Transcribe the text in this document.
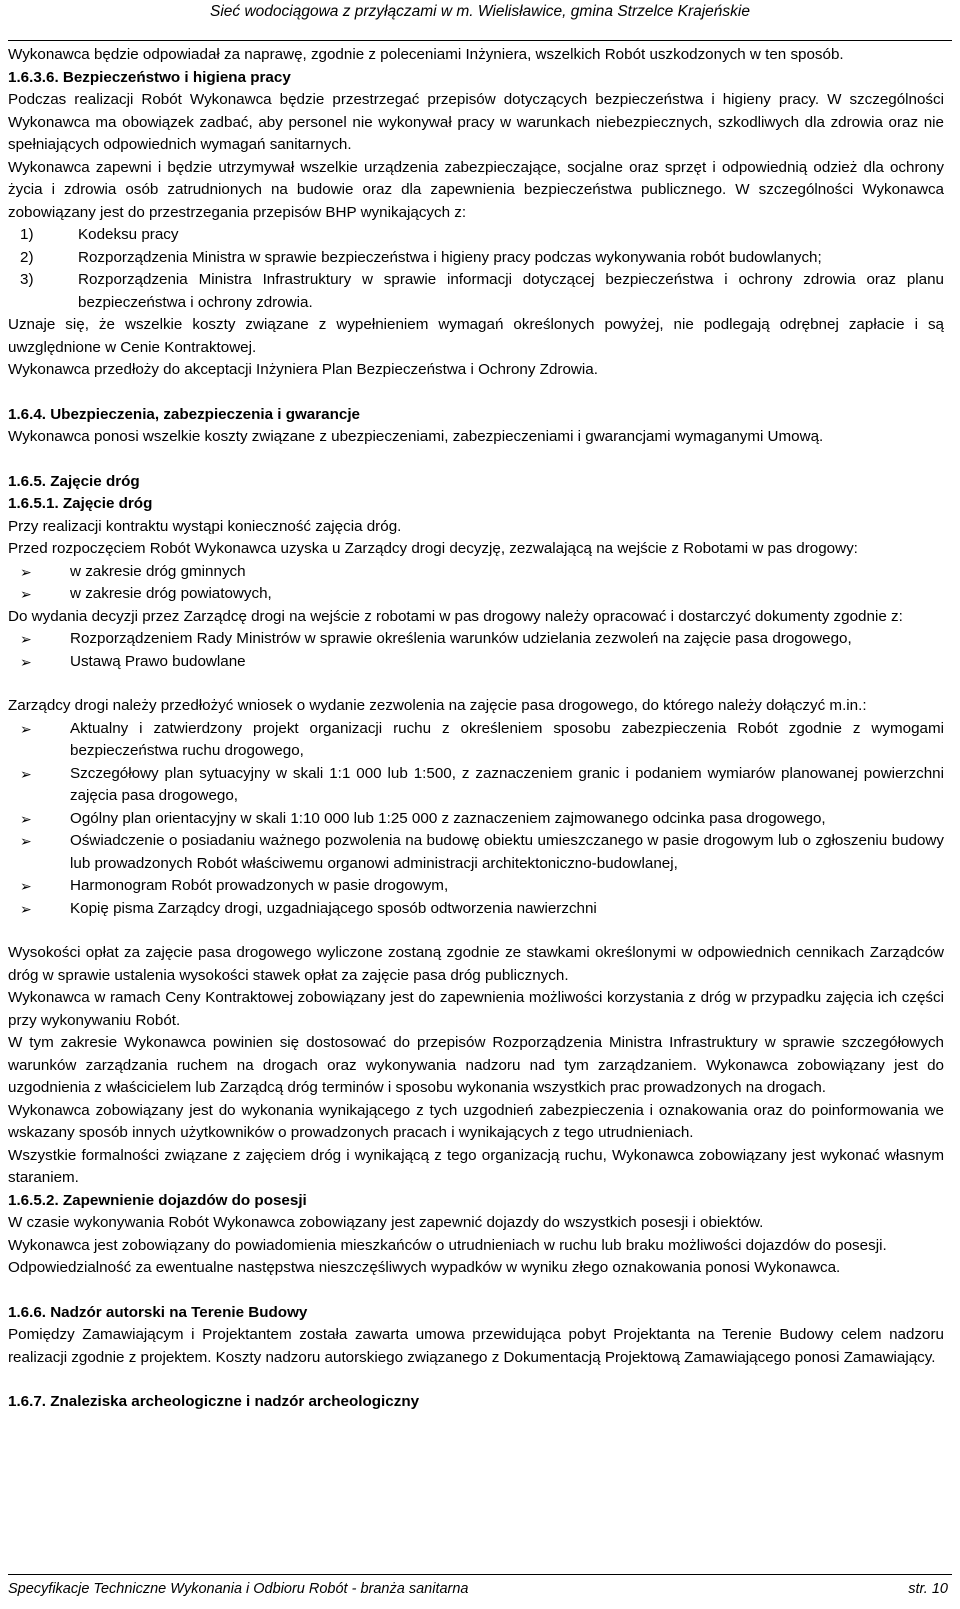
Sieć wodociągowa z przyłączami w m. Wielisławice, gmina Strzelce Krajeńskie

Wykonawca będzie odpowiadał za naprawę, zgodnie z poleceniami Inżyniera, wszelkich Robót uszkodzonych w ten sposób.

1.6.3.6. Bezpieczeństwo i higiena pracy

Podczas realizacji Robót Wykonawca będzie przestrzegać przepisów dotyczących bezpieczeństwa i higieny pracy. W szczególności Wykonawca ma obowiązek zadbać, aby personel nie wykonywał pracy w warunkach niebezpiecznych, szkodliwych dla zdrowia oraz nie spełniających odpowiednich wymagań sanitarnych.

Wykonawca zapewni i będzie utrzymywał wszelkie urządzenia zabezpieczające, socjalne oraz sprzęt i odpowiednią odzież dla ochrony życia i zdrowia osób zatrudnionych na budowie oraz dla zapewnienia bezpieczeństwa publicznego. W szczególności Wykonawca zobowiązany jest do przestrzegania przepisów BHP wynikających z:

1)	Kodeksu pracy
2)	Rozporządzenia Ministra w sprawie bezpieczeństwa i higieny pracy podczas wykonywania robót budowlanych;
3)	Rozporządzenia Ministra Infrastruktury w sprawie informacji dotyczącej bezpieczeństwa i ochrony zdrowia oraz planu bezpieczeństwa i ochrony zdrowia.

Uznaje się, że wszelkie koszty związane z wypełnieniem wymagań określonych powyżej, nie podlegają odrębnej zapłacie i są uwzględnione w Cenie Kontraktowej.

Wykonawca przedłoży do akceptacji Inżyniera Plan Bezpieczeństwa i Ochrony Zdrowia.

1.6.4. Ubezpieczenia, zabezpieczenia i gwarancje

Wykonawca ponosi wszelkie koszty związane z ubezpieczeniami, zabezpieczeniami i gwarancjami wymaganymi Umową.

1.6.5. Zajęcie dróg

1.6.5.1. Zajęcie dróg

Przy realizacji kontraktu wystąpi konieczność zajęcia dróg.

Przed rozpoczęciem Robót Wykonawca uzyska u Zarządcy drogi decyzję, zezwalającą na wejście z Robotami w pas drogowy:

➢	w zakresie dróg gminnych
➢	w zakresie dróg powiatowych,

Do wydania decyzji przez Zarządcę drogi na wejście z robotami w pas drogowy należy opracować i dostarczyć dokumenty zgodnie z:

➢	Rozporządzeniem Rady Ministrów w sprawie określenia warunków udzielania zezwoleń na zajęcie pasa drogowego,
➢	Ustawą Prawo budowlane

Zarządcy drogi należy przedłożyć wniosek o wydanie zezwolenia na zajęcie pasa drogowego, do którego należy dołączyć m.in.:

➢	Aktualny i zatwierdzony projekt organizacji ruchu z określeniem sposobu zabezpieczenia Robót zgodnie z wymogami bezpieczeństwa ruchu drogowego,
➢	Szczegółowy plan sytuacyjny w skali 1:1 000 lub 1:500, z zaznaczeniem granic i podaniem wymiarów planowanej powierzchni zajęcia pasa drogowego,
➢	Ogólny plan orientacyjny w skali 1:10 000 lub 1:25 000 z zaznaczeniem zajmowanego odcinka pasa drogowego,
➢	Oświadczenie o posiadaniu ważnego pozwolenia na budowę obiektu umieszczanego w pasie drogowym lub o zgłoszeniu budowy lub prowadzonych Robót właściwemu organowi administracji architektoniczno-budowlanej,
➢	Harmonogram Robót prowadzonych w pasie drogowym,
➢	Kopię pisma Zarządcy drogi, uzgadniającego sposób odtworzenia nawierzchni

Wysokości opłat za zajęcie pasa drogowego wyliczone zostaną zgodnie ze stawkami określonymi w odpowiednich cennikach Zarządców dróg w sprawie ustalenia wysokości stawek opłat za zajęcie pasa dróg publicznych.

Wykonawca w ramach Ceny Kontraktowej zobowiązany jest do zapewnienia możliwości korzystania z dróg w przypadku zajęcia ich części przy wykonywaniu Robót.

W tym zakresie Wykonawca powinien się dostosować do przepisów Rozporządzenia Ministra Infrastruktury w sprawie szczegółowych warunków zarządzania ruchem na drogach oraz wykonywania nadzoru nad tym zarządzaniem. Wykonawca zobowiązany jest do uzgodnienia z właścicielem lub Zarządcą dróg terminów i sposobu wykonania wszystkich prac prowadzonych na drogach.

Wykonawca zobowiązany jest do wykonania wynikającego z tych uzgodnień zabezpieczenia i oznakowania oraz do poinformowania we wskazany sposób innych użytkowników o prowadzonych pracach i wynikających z tego utrudnieniach.

Wszystkie formalności związane z zajęciem dróg i wynikającą z tego organizacją ruchu, Wykonawca zobowiązany jest wykonać własnym staraniem.

1.6.5.2. Zapewnienie dojazdów do posesji

W czasie wykonywania Robót Wykonawca zobowiązany jest zapewnić dojazdy do wszystkich posesji i obiektów.

Wykonawca jest zobowiązany do powiadomienia mieszkańców o utrudnieniach w ruchu lub braku możliwości dojazdów do posesji.

Odpowiedzialność za ewentualne następstwa nieszczęśliwych wypadków w wyniku złego oznakowania ponosi Wykonawca.

1.6.6. Nadzór autorski na Terenie Budowy

Pomiędzy Zamawiającym i Projektantem została zawarta umowa przewidująca pobyt Projektanta na Terenie Budowy celem nadzoru realizacji zgodnie z projektem. Koszty nadzoru autorskiego związanego z Dokumentacją Projektową Zamawiającego ponosi Zamawiający.

1.6.7. Znaleziska archeologiczne i nadzór archeologiczny

Specyfikacje Techniczne Wykonania i Odbioru Robót - branża sanitarna	str. 10
